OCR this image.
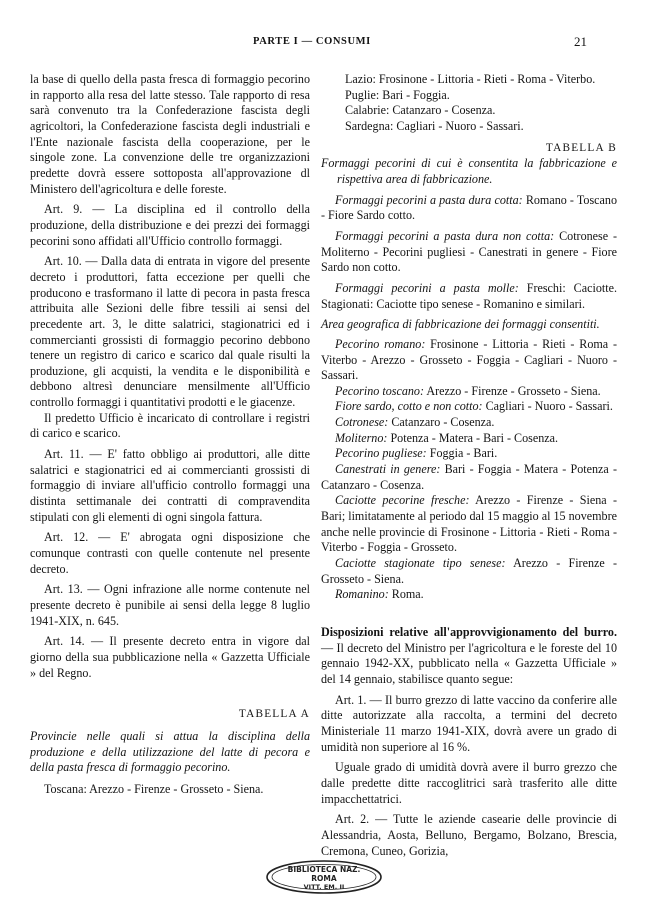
PARTE I — CONSUMI	21

la base di quello della pasta fresca di formaggio pecorino in rapporto alla resa del latte stesso. Tale rapporto di resa sarà convenuto tra la Confederazione fascista degli agricoltori, la Confederazione fascista degli industriali e l'Ente nazionale fascista della cooperazione, per le singole zone. La convenzione delle tre organizzazioni predette dovrà essere sottoposta all'approvazione dl Ministero dell'agricoltura e delle foreste.

Art. 9. — La disciplina ed il controllo della produzione, della distribuzione e dei prezzi dei formaggi pecorini sono affidati all'Ufficio controllo formaggi.

Art. 10. — Dalla data di entrata in vigore del presente decreto i produttori, fatta eccezione per quelli che producono e trasformano il latte di pecora in pasta fresca attribuita alle Sezioni delle fibre tessili ai sensi del precedente art. 3, le ditte salatrici, stagionatrici ed i commercianti grossisti di formaggio pecorino debbono tenere un registro di carico e scarico dal quale risulti la produzione, gli acquisti, la vendita e le disponibilità e debbono altresì denunciare mensilmente all'Ufficio controllo formaggi i quantitativi prodotti e le giacenze.

Il predetto Ufficio è incaricato di controllare i registri di carico e scarico.

Art. 11. — E' fatto obbligo ai produttori, alle ditte salatrici e stagionatrici ed ai commercianti grossisti di formaggio di inviare all'ufficio controllo formaggi una distinta settimanale dei contratti di compravendita stipulati con gli elementi di ogni singola fattura.

Art. 12. — E' abrogata ogni disposizione che comunque contrasti con quelle contenute nel presente decreto.

Art. 13. — Ogni infrazione alle norme contenute nel presente decreto è punibile ai sensi della legge 8 luglio 1941-XIX, n. 645.

Art. 14. — Il presente decreto entra in vigore dal giorno della sua pubblicazione nella « Gazzetta Ufficiale » del Regno.

TABELLA A

Provincie nelle quali si attua la disciplina della produzione e della utilizzazione del latte di pecora e della pasta fresca di formaggio pecorino.

Toscana: Arezzo - Firenze - Grosseto - Siena.

Lazio: Frosinone - Littoria - Rieti - Roma - Viterbo.

Puglie: Bari - Foggia.

Calabrie: Catanzaro - Cosenza.

Sardegna: Cagliari - Nuoro - Sassari.

TABELLA B

Formaggi pecorini di cui è consentita la fabbricazione e rispettiva area di fabbricazione.

Formaggi pecorini a pasta dura cotta: Romano - Toscano - Fiore Sardo cotto.

Formaggi pecorini a pasta dura non cotta: Cotronese - Moliterno - Pecorini pugliesi - Canestrati in genere - Fiore Sardo non cotto.

Formaggi pecorini a pasta molle: Freschi: Caciotte. Stagionati: Caciotte tipo senese - Romanino e similari.

Area geografica di fabbricazione dei formaggi consentiti.

Pecorino romano: Frosinone - Littoria - Rieti - Roma - Viterbo - Arezzo - Grosseto - Foggia - Cagliari - Nuoro - Sassari.

Pecorino toscano: Arezzo - Firenze - Grosseto - Siena.

Fiore sardo, cotto e non cotto: Cagliari - Nuoro - Sassari.

Cotronese: Catanzaro - Cosenza.

Moliterno: Potenza - Matera - Bari - Cosenza.

Pecorino pugliese: Foggia - Bari.

Canestrati in genere: Bari - Foggia - Matera - Potenza - Catanzaro - Cosenza.

Caciotte pecorine fresche: Arezzo - Firenze - Siena - Bari; limitatamente al periodo dal 15 maggio al 15 novembre anche nelle provincie di Frosinone - Littoria - Rieti - Roma - Viterbo - Foggia - Grosseto.

Caciotte stagionate tipo senese: Arezzo - Firenze - Grosseto - Siena.

Romanino: Roma.

Disposizioni relative all'approvvigionamento del burro. — Il decreto del Ministro per l'agricoltura e le foreste del 10 gennaio 1942-XX, pubblicato nella « Gazzetta Ufficiale » del 14 gennaio, stabilisce quanto segue:

Art. 1. — Il burro grezzo di latte vaccino da conferire alle ditte autorizzate alla raccolta, a termini del decreto Ministeriale 11 marzo 1941-XIX, dovrà avere un grado di umidità non superiore al 16 %.

Uguale grado di umidità dovrà avere il burro grezzo che dalle predette ditte raccoglitrici sarà trasferito alle ditte impacchettatrici.

Art. 2. — Tutte le aziende casearie delle provincie di Alessandria, Aosta, Belluno, Bergamo, Bolzano, Brescia, Cremona, Cuneo, Gorizia,

BIBLIOTECA NAZ.
ROMA
VITT. EM. II
